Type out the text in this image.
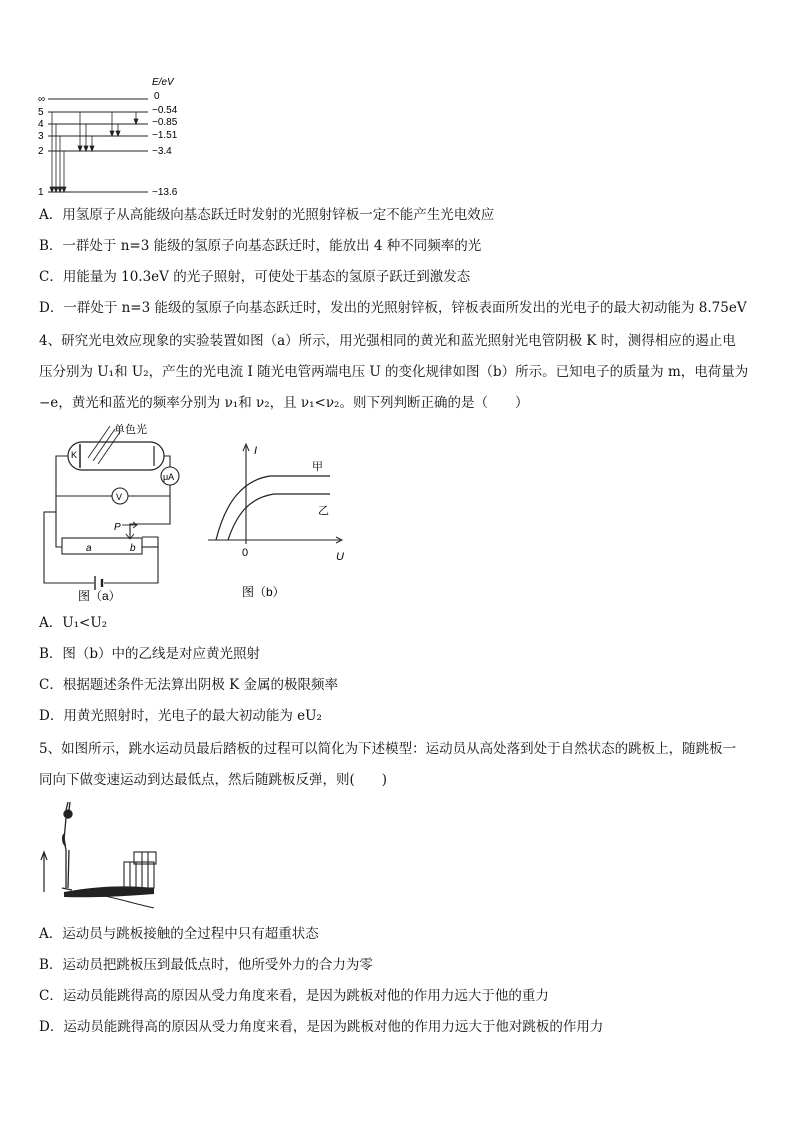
E/eV
∞
5
4
3
2
1
0
−0.54
−0.85
−1.51
−3.4
−13.6
A．用氢原子从高能级向基态跃迁时发射的光照射锌板一定不能产生光电效应
B．一群处于 n=3 能级的氢原子向基态跃迁时，能放出 4 种不同频率的光
C．用能量为 10.3eV 的光子照射，可使处于基态的氢原子跃迁到激发态
D．一群处于 n=3 能级的氢原子向基态跃迁时，发出的光照射锌板，锌板表面所发出的光电子的最大初动能为 8.75eV
4、研究光电效应现象的实验装置如图（a）所示，用光强相同的黄光和蓝光照射光电管阴极 K 时，测得相应的遏止电
压分别为 U₁和 U₂，产生的光电流 I 随光电管两端电压 U 的变化规律如图（b）所示。已知电子的质量为 m，电荷量为
−e，黄光和蓝光的频率分别为 ν₁和 ν₂，且 ν₁<ν₂。则下列判断正确的是（　　）
单色光
K
μA
V
P
a	b
图（a）
I
U
0
甲
乙
图（b）
A．U₁<U₂
B．图（b）中的乙线是对应黄光照射
C．根据题述条件无法算出阴极 K 金属的极限频率
D．用黄光照射时，光电子的最大初动能为 eU₂
5、如图所示，跳水运动员最后踏板的过程可以简化为下述模型：运动员从高处落到处于自然状态的跳板上，随跳板一
同向下做变速运动到达最低点，然后随跳板反弹，则(　　)
A．运动员与跳板接触的全过程中只有超重状态
B．运动员把跳板压到最低点时，他所受外力的合力为零
C．运动员能跳得高的原因从受力角度来看，是因为跳板对他的作用力远大于他的重力
D．运动员能跳得高的原因从受力角度来看，是因为跳板对他的作用力远大于他对跳板的作用力
